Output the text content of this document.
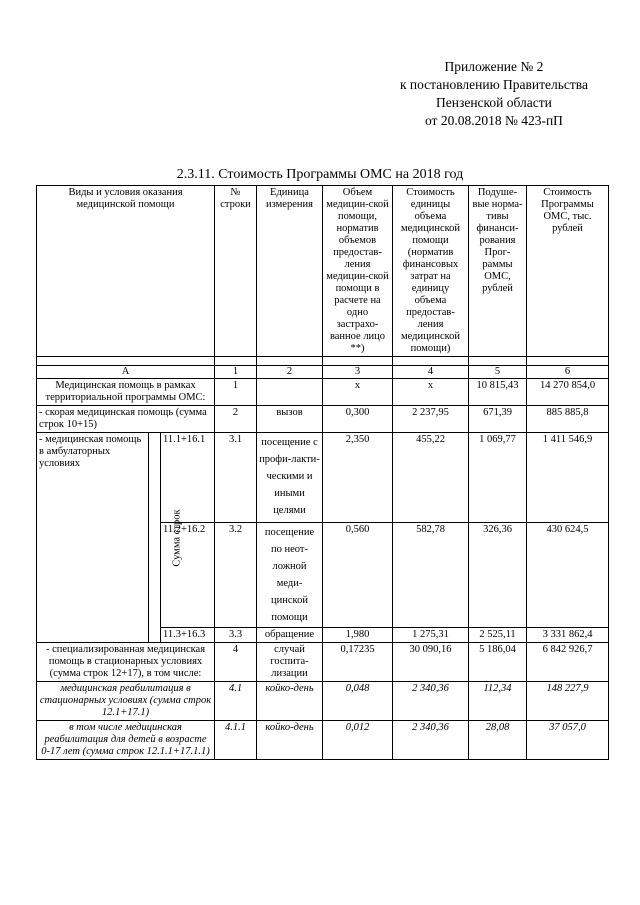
Приложение № 2
к постановлению Правительства
Пензенской области
от 20.08.2018 № 423-пП
2.3.11. Стоимость Программы ОМС на 2018 год
Виды и условия оказания медицинской помощи			№ строки	Единица измерения	Объем медицин-ской помощи, норматив объемов предостав-ления медицин-ской помощи в расчете на одно застрахо-ванное лицо **)	Стоимость единицы объема медицинской помощи (норматив финансовых затрат на единицу объема предостав-ления медицинской помощи)	Подуше-вые норма-тивы финанси-рования Прог-раммы ОМС, рублей	Стоимость Программы ОМС, тыс. рублей

А			1	2	3	4	5	6
Медицинская помощь в рамках территориальной программы ОМС:			1		х	х	10 815,43	14 270 854,0
- скорая медицинская помощь (сумма строк 10+15)			2	вызов	0,300	2 237,95	671,39	885 885,8
- медицинская помощь в амбулаторных условиях	Сумма строк	11.1+16.1	3.1	посещение с профи-лакти-ческими и иными целями	2,350	455,22	1 069,77	1 411 546,9
		11.2+16.2	3.2	посещение по неот-ложной меди-цинской помощи	0,560	582,78	326,36	430 624,5
		11.3+16.3	3.3	обращение	1,980	1 275,31	2 525,11	3 331 862,4
- специализированная медицинская помощь в стационарных условиях (сумма строк 12+17), в том числе:			4	случай госпита-лизации	0,17235	30 090,16	5 186,04	6 842 926,7
медицинская реабилитация в стационарных условиях (сумма строк 12.1+17.1)			4.1	койко-день	0,048	2 340,36	112,34	148 227,9
в том числе медицинская реабилитация для детей в возрасте 0-17 лет (сумма строк 12.1.1+17.1.1)			4.1.1	койко-день	0,012	2 340,36	28,08	37 057,0
